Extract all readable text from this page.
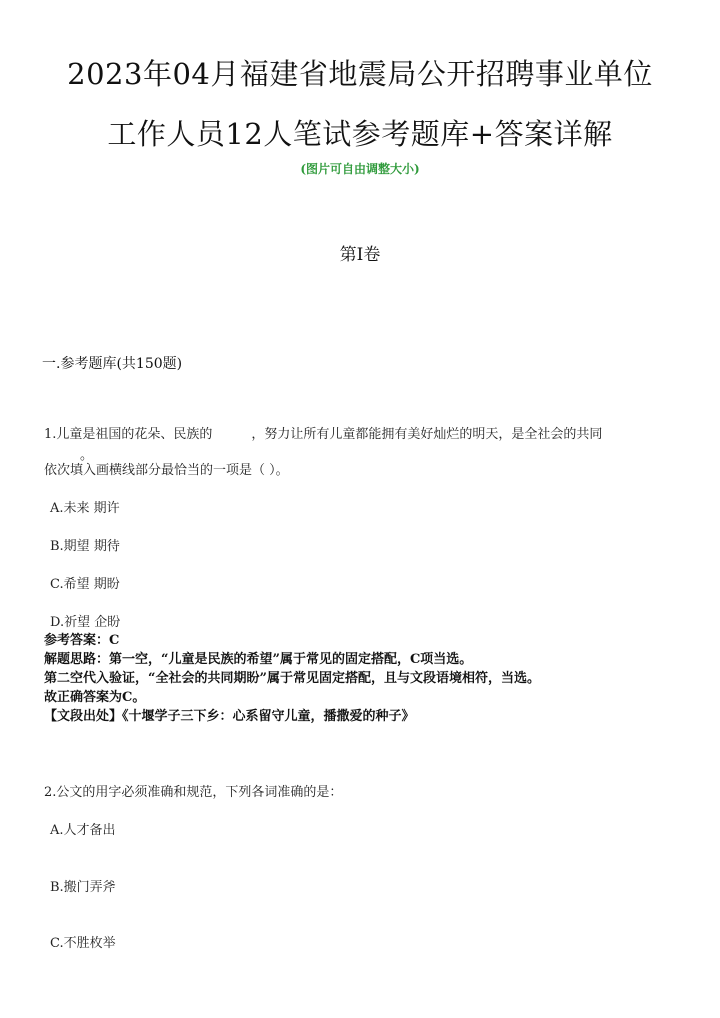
2023年04月福建省地震局公开招聘事业单位
工作人员12人笔试参考题库+答案详解
(图片可自由调整大小)
第I卷
一.参考题库(共150题)
1.儿童是祖国的花朵、民族的　　　，努力让所有儿童都能拥有美好灿烂的明天，是全社会的共同
。
依次填入画横线部分最恰当的一项是（ ）。
A.未来 期许
B.期望 期待
C.希望 期盼
D.祈望 企盼
参考答案：C
解题思路：第一空，“儿童是民族的希望”属于常见的固定搭配，C项当选。
第二空代入验证，“全社会的共同期盼”属于常见固定搭配，且与文段语境相符，当选。
故正确答案为C。
【文段出处】《十堰学子三下乡：心系留守儿童，播撒爱的种子》
2.公文的用字必须准确和规范，下列各词准确的是：
A.人才备出
B.搬门弄斧
C.不胜枚举
